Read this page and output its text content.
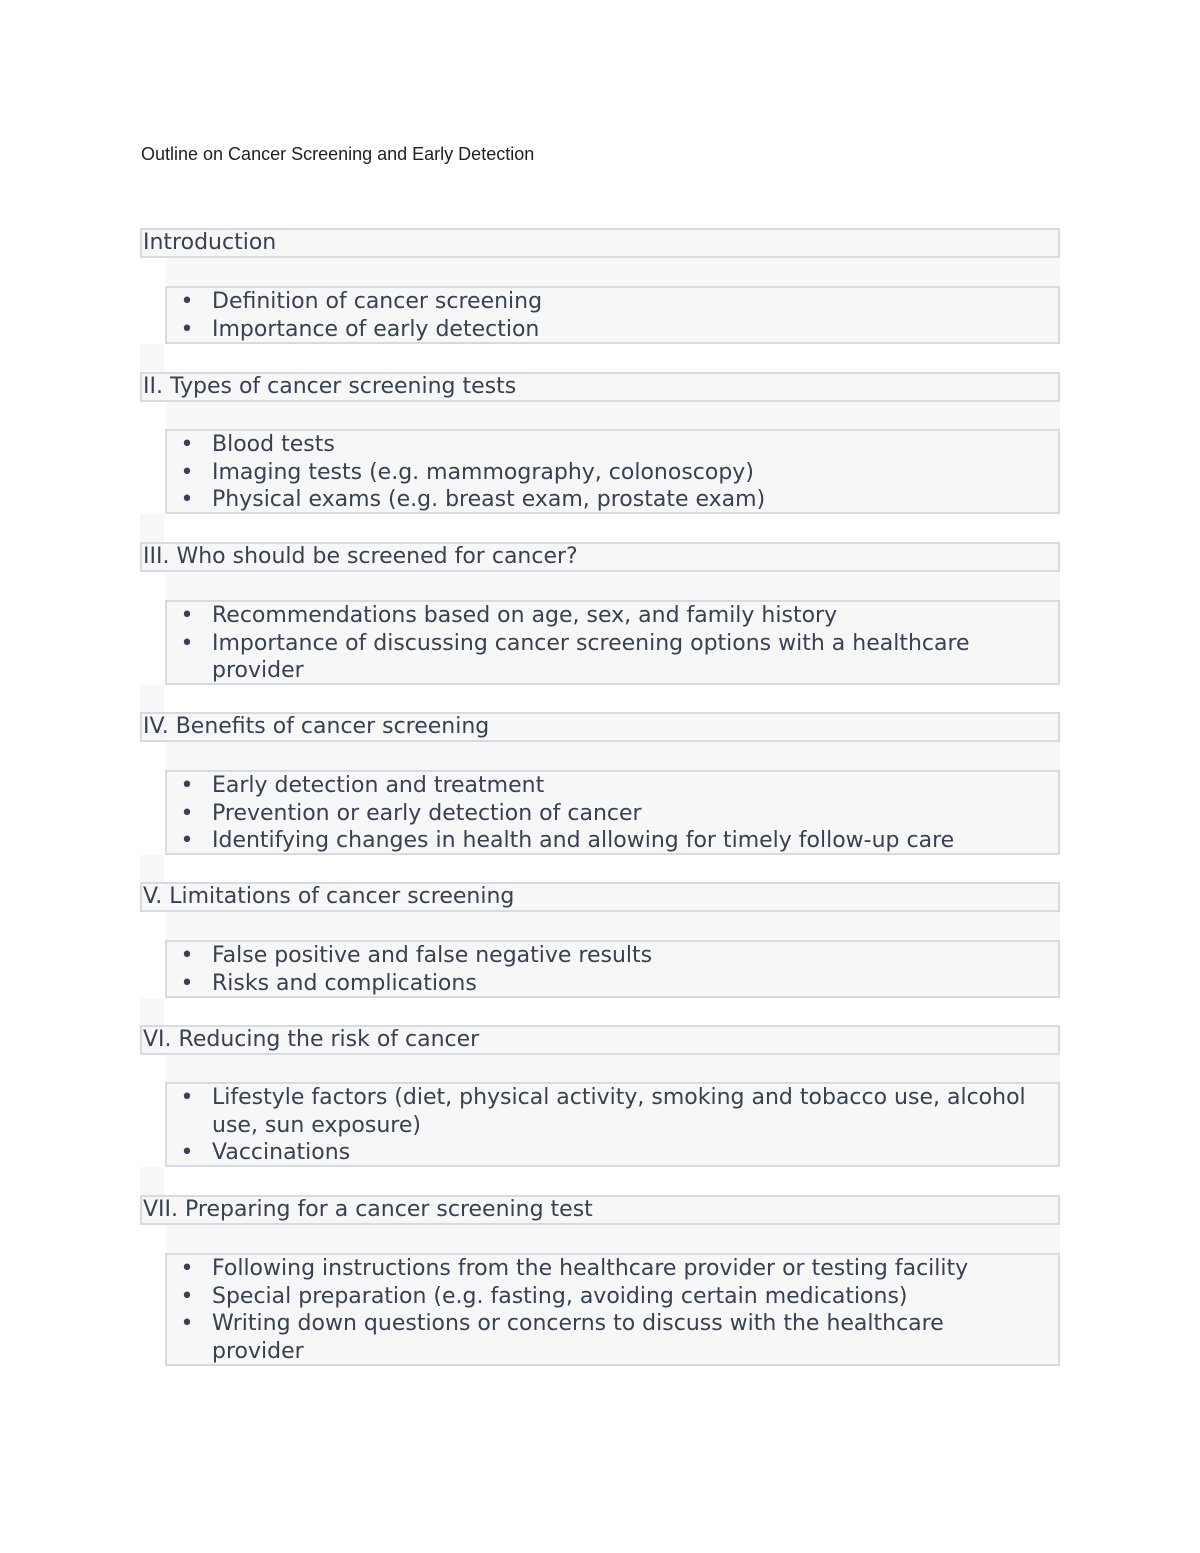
Outline on Cancer Screening and Early Detection
Introduction
• Definition of cancer screening
• Importance of early detection
II. Types of cancer screening tests
• Blood tests
• Imaging tests (e.g. mammography, colonoscopy)
• Physical exams (e.g. breast exam, prostate exam)
III. Who should be screened for cancer?
• Recommendations based on age, sex, and family history
• Importance of discussing cancer screening options with a healthcare provider
IV. Benefits of cancer screening
• Early detection and treatment
• Prevention or early detection of cancer
• Identifying changes in health and allowing for timely follow-up care
V. Limitations of cancer screening
• False positive and false negative results
• Risks and complications
VI. Reducing the risk of cancer
• Lifestyle factors (diet, physical activity, smoking and tobacco use, alcohol use, sun exposure)
• Vaccinations
VII. Preparing for a cancer screening test
• Following instructions from the healthcare provider or testing facility
• Special preparation (e.g. fasting, avoiding certain medications)
• Writing down questions or concerns to discuss with the healthcare provider
